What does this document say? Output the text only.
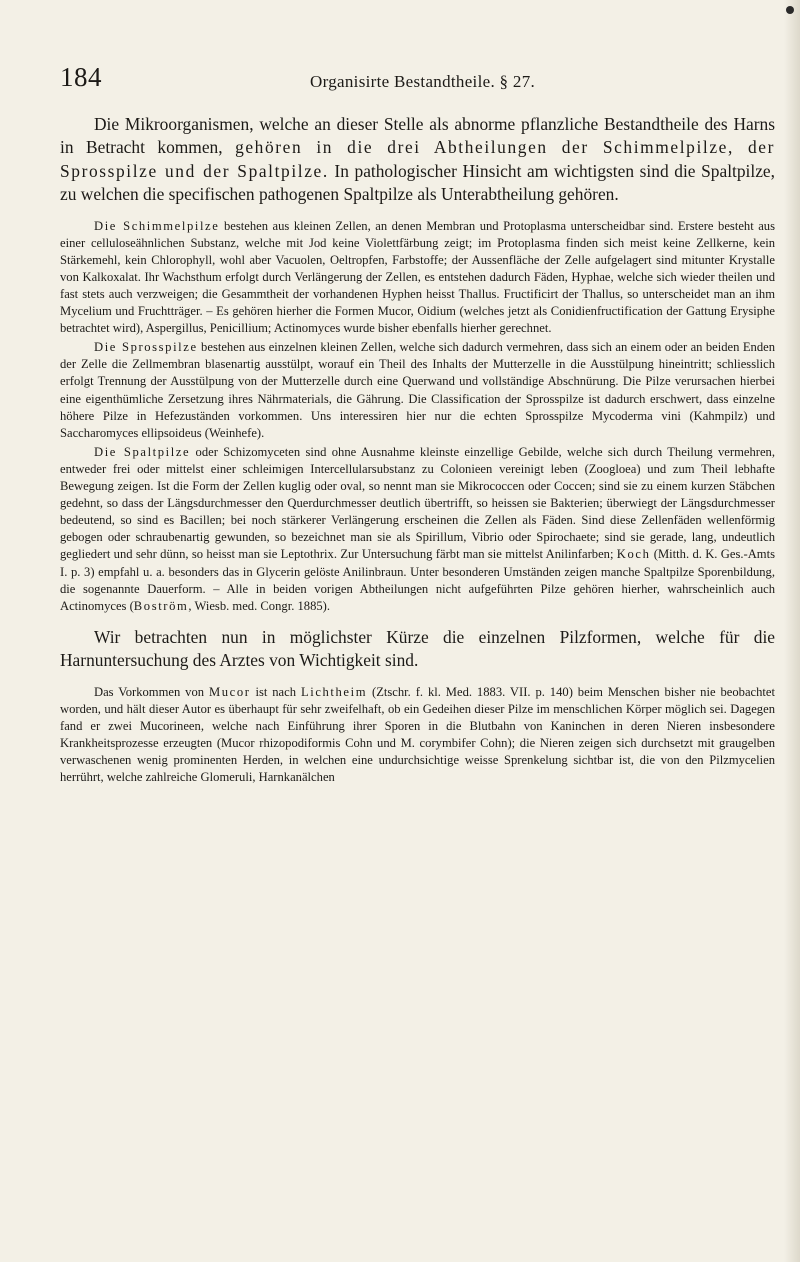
184	Organisirte Bestandtheile. § 27.

Die Mikroorganismen, welche an dieser Stelle als abnorme pflanzliche Bestandtheile des Harns in Betracht kommen, gehören in die drei Abtheilungen der Schimmelpilze, der Sprosspilze und der Spaltpilze. In pathologischer Hinsicht am wichtigsten sind die Spaltpilze, zu welchen die specifischen pathogenen Spaltpilze als Unterabtheilung gehören.

Die Schimmelpilze bestehen aus kleinen Zellen, an denen Membran und Protoplasma unterscheidbar sind. Erstere besteht aus einer celluloseähnlichen Substanz, welche mit Jod keine Violettfärbung zeigt; im Protoplasma finden sich meist keine Zellkerne, kein Stärkemehl, kein Chlorophyll, wohl aber Vacuolen, Oeltropfen, Farbstoffe; der Aussenfläche der Zelle aufgelagert sind mitunter Krystalle von Kalkoxalat. Ihr Wachsthum erfolgt durch Verlängerung der Zellen, es entstehen dadurch Fäden, Hyphae, welche sich wieder theilen und fast stets auch verzweigen; die Gesammtheit der vorhandenen Hyphen heisst Thallus. Fructificirt der Thallus, so unterscheidet man an ihm Mycelium und Fruchtträger. – Es gehören hierher die Formen Mucor, Oidium (welches jetzt als Conidienfructification der Gattung Erysiphe betrachtet wird), Aspergillus, Penicillium; Actinomyces wurde bisher ebenfalls hierher gerechnet.

Die Sprosspilze bestehen aus einzelnen kleinen Zellen, welche sich dadurch vermehren, dass sich an einem oder an beiden Enden der Zelle die Zellmembran blasenartig ausstülpt, worauf ein Theil des Inhalts der Mutterzelle in die Ausstülpung hineintritt; schliesslich erfolgt Trennung der Ausstülpung von der Mutterzelle durch eine Querwand und vollständige Abschnürung. Die Pilze verursachen hierbei eine eigenthümliche Zersetzung ihres Nährmaterials, die Gährung. Die Classification der Sprosspilze ist dadurch erschwert, dass einzelne höhere Pilze in Hefezuständen vorkommen. Uns interessiren hier nur die echten Sprosspilze Mycoderma vini (Kahmpilz) und Saccharomyces ellipsoideus (Weinhefe).

Die Spaltpilze oder Schizomyceten sind ohne Ausnahme kleinste einzellige Gebilde, welche sich durch Theilung vermehren, entweder frei oder mittelst einer schleimigen Intercellularsubstanz zu Colonieen vereinigt leben (Zoogloea) und zum Theil lebhafte Bewegung zeigen. Ist die Form der Zellen kuglig oder oval, so nennt man sie Mikrococcen oder Coccen; sind sie zu einem kurzen Stäbchen gedehnt, so dass der Längsdurchmesser den Querdurchmesser deutlich übertrifft, so heissen sie Bakterien; überwiegt der Längsdurchmesser bedeutend, so sind es Bacillen; bei noch stärkerer Verlängerung erscheinen die Zellen als Fäden. Sind diese Zellenfäden wellenförmig gebogen oder schraubenartig gewunden, so bezeichnet man sie als Spirillum, Vibrio oder Spirochaete; sind sie gerade, lang, undeutlich gegliedert und sehr dünn, so heisst man sie Leptothrix. Zur Untersuchung färbt man sie mittelst Anilinfarben; Koch (Mitth. d. K. Ges.-Amts I. p. 3) empfahl u. a. besonders das in Glycerin gelöste Anilinbraun. Unter besonderen Umständen zeigen manche Spaltpilze Sporenbildung, die sogenannte Dauerform. – Alle in beiden vorigen Abtheilungen nicht aufgeführten Pilze gehören hierher, wahrscheinlich auch Actinomyces (Boström, Wiesb. med. Congr. 1885).

Wir betrachten nun in möglichster Kürze die einzelnen Pilzformen, welche für die Harnuntersuchung des Arztes von Wichtigkeit sind.

Das Vorkommen von Mucor ist nach Lichtheim (Ztschr. f. kl. Med. 1883. VII. p. 140) beim Menschen bisher nie beobachtet worden, und hält dieser Autor es überhaupt für sehr zweifelhaft, ob ein Gedeihen dieser Pilze im menschlichen Körper möglich sei. Dagegen fand er zwei Mucorineen, welche nach Einführung ihrer Sporen in die Blutbahn von Kaninchen in deren Nieren insbesondere Krankheitsprozesse erzeugten (Mucor rhizopodiformis Cohn und M. corymbifer Cohn); die Nieren zeigen sich durchsetzt mit graugelben verwaschenen wenig prominenten Herden, in welchen eine undurchsichtige weisse Sprenkelung sichtbar ist, die von den Pilzmycelien herrührt, welche zahlreiche Glomeruli, Harnkanälchen
